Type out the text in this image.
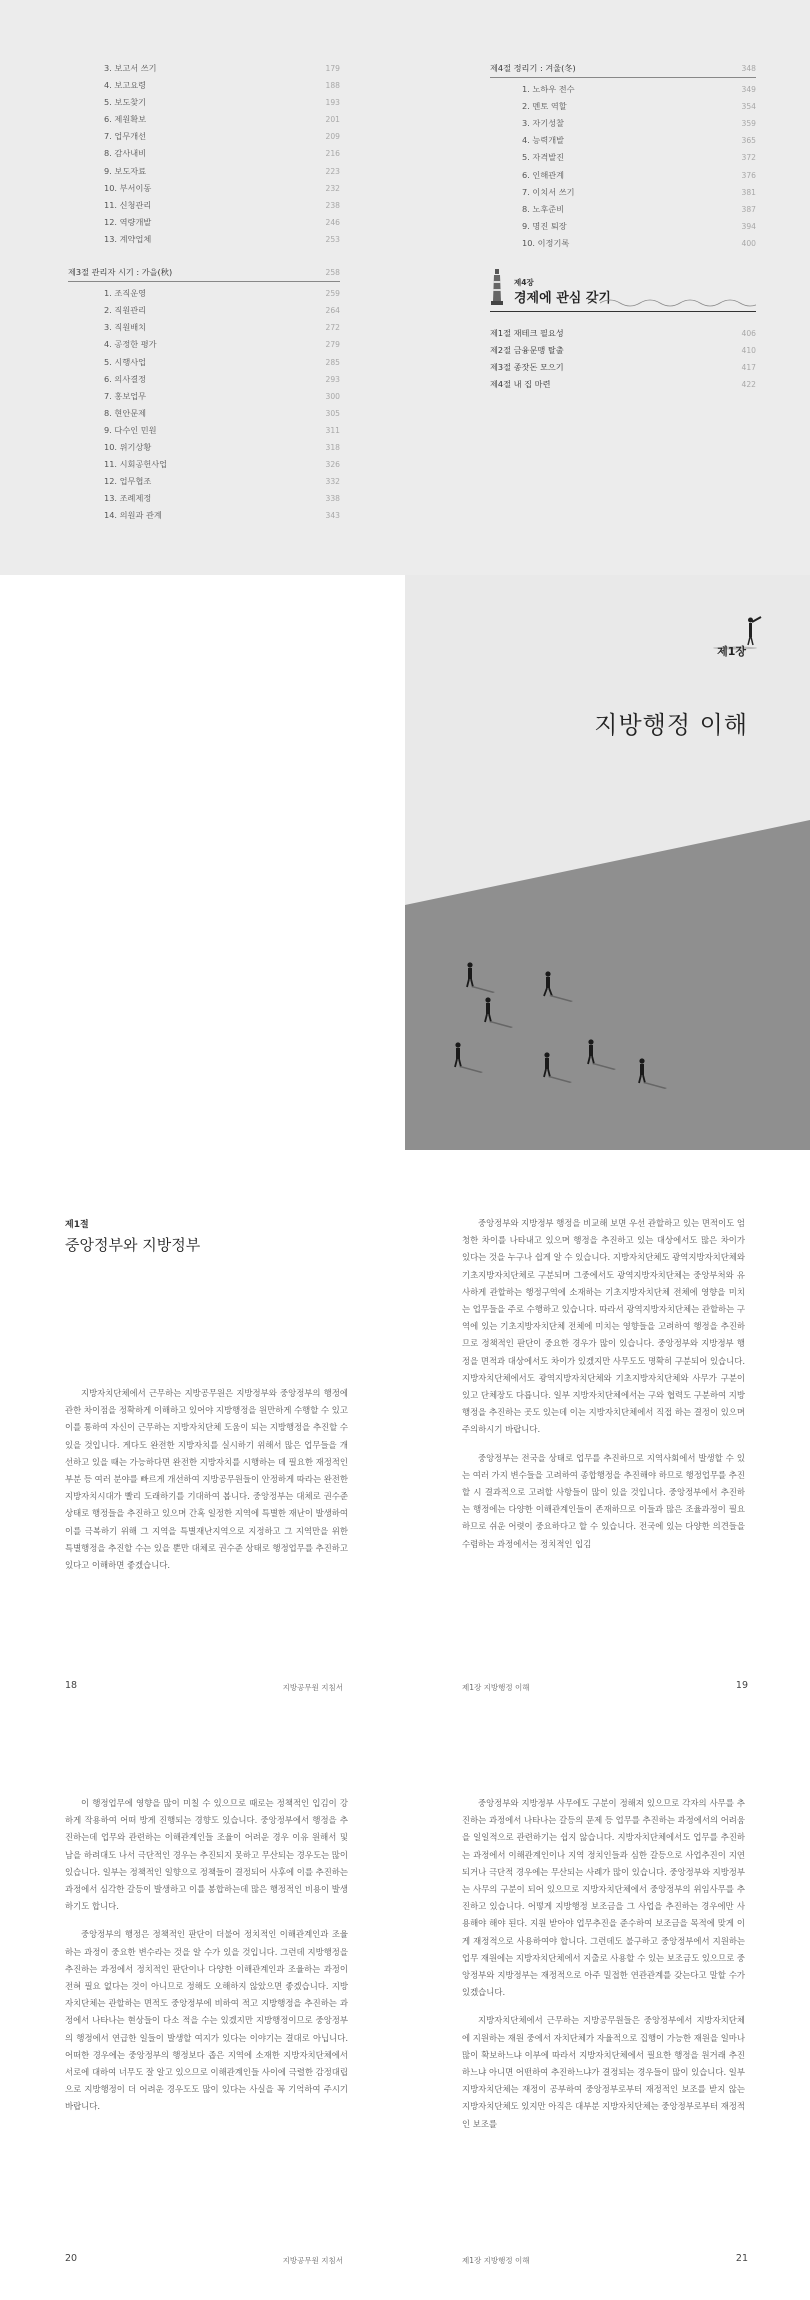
3. 보고서 쓰기	179
4. 보고요령	188
5. 보도찾기	193
6. 제원확보	201
7. 업무개선	209
8. 감사내비	216
9. 보도자료	223
10. 부서이동	232
11. 신청관리	238
12. 역량개발	246
13. 계약업체	253
제3절 관리자 시기 : 가을(秋)	258
1. 조직운영	259
2. 직원관리	264
3. 직원배치	272
4. 공정한 평가	279
5. 시행사업	285
6. 의사결정	293
7. 홍보업무	300
8. 현안문제	305
9. 다수인 민원	311
10. 위기상황	318
11. 시회공헌사업	326
12. 업무협조	332
13. 조례제정	338
14. 의원과 관계	343
제4절 정리기 : 겨울(冬)	348
1. 노하우 전수	349
2. 멘토 역할	354
3. 자기성찰	359
4. 능력개발	365
5. 자격발진	372
6. 인해관계	376
7. 이치서 쓰기	381
8. 노후준비	387
9. 명진 퇴장	394
10. 이정기록	400
제4장
경제에 관심 갖기
제1절 재테크 필요성	406
제2절 금융문맹 탈출	410
제3절 종잣돈 모으기	417
제4절 내 집 마련	422
제1장
지방행정 이해
제1절
중앙정부와 지방정부

지방자치단체에서 근무하는 지방공무원은 지방정부와 중앙정부의 행정에 관한 차이점을 정확하게 이해하고 있어야 지방행정을 원만하게 수행할 수 있고 이를 통하여 자신이 근무하는 지방자치단체 도움이 되는 지방행정을 추진할 수 있을 것입니다. 게다도 완전한 지방자치를 실시하기 위해서 많은 업무들을 개선하고 있을 때는 가능하다면 완전한 지방자치를 시행하는 데 필요한 재정적인 부분 등 여러 분야를 빠르게 개선하여 지방공무원들이 안정하게 따라는 완전한 지방자치시대가 빨리 도래하기를 기대하여 봅니다. 중앙정부는 대체로 권수준 상태로 행정들을 추진하고 있으며 간혹 일정한 지역에 특별한 재난이 발생하여 이를 극복하기 위해 그 지역을 특별재난지역으로 지정하고 그 지역만을 위한 특별행정을 추진할 수는 있을 뿐만 대체로 권수준 상태로 행정업무를 추진하고 있다고 이해하면 좋겠습니다.

18	지방공무원 지침서

중앙정부와 지방정부 행정을 비교해 보면 우선 관할하고 있는 면적이도 엄청한 차이를 나타내고 있으며 행정을 추진하고 있는 대상에서도 많은 차이가 있다는 것을 누구나 쉽게 알 수 있습니다. 지방자치단체도 광역지방자치단체와 기초지방자치단체로 구분되며 그중에서도 광역지방자치단체는 중앙부처와 유사하게 관할하는 행정구역에 소재하는 기초지방자치단체 전체에 영향을 미치는 업무들을 주로 수행하고 있습니다. 따라서 광역지방자치단체는 관할하는 구역에 있는 기초지방자치단체 전체에 미치는 영향들을 고려하여 행정을 추진하므로 정책적인 판단이 중요한 경우가 많이 있습니다. 중앙정부와 지방정부 행정을 면적과 대상에서도 차이가 있겠지만 사무도도 명확히 구분되어 있습니다. 지방자치단체에서도 광역지방자치단체와 기초지방자치단체와 사무가 구분이 있고 단체장도 다릅니다. 일부 지방자치단체에서는 구와 협력도 구분하여 지방행정을 추진하는 곳도 있는데 이는 지방자치단체에서 직접 하는 결정이 있으며 주의하시기 바랍니다.

중앙정부는 전국을 상태로 업무를 추진하므로 지역사회에서 발생할 수 있는 여러 가지 변수들을 고려하여 종합행정을 추진해야 하므로 행정업무를 추진할 시 결과적으로 고려할 사항들이 많이 있을 것입니다. 중앙정부에서 추진하는 행정에는 다양한 이해관계인들이 존재하므로 이들과 많은 조율과정이 필요하므로 쉬운 어렷이 중요하다고 할 수 있습니다. 전국에 있는 다양한 의견들을 수렴하는 과정에서는 정치적인 입김

제1장 지방행정 이해	19

이 행정업무에 영향을 많이 미칠 수 있으므로 때로는 정책적인 입김이 강하게 작용하여 어떠 방게 진행되는 경향도 있습니다. 중앙정부에서 행정을 추진하는데 업무와 관련하는 이해관계인들 조율이 어려운 경우 이유 원해서 및 남을 하려대도 나서 극단적인 경우는 추진되지 못하고 무산되는 경우도는 많이 있습니다. 일부는 정책적인 일향으로 정책들이 결정되어 사후에 이를 추진하는 과정에서 심각한 갈등이 발생하고 이를 봉합하는데 많은 행정적인 비용이 발생하기도 합니다.

중앙정부의 행정은 정책적인 판단이 더불어 정치적인 이해관계인과 조율하는 과정이 중요한 변수라는 것을 알 수가 있을 것입니다. 그런데 지방행정을 추진하는 과정에서 정치적인 판단이나 다양한 이해관계인과 조율하는 과정이 전혀 필요 없다는 것이 아니므로 정해도 오해하지 않았으면 좋겠습니다. 지방자치단체는 관할하는 면적도 중앙정부에 비하여 적고 지방행정을 추진하는 과정에서 나타나는 현상들이 다소 적을 수는 있겠지만 지방행정이므로 중앙정부의 행정에서 연급한 일들이 발생할 여지가 있다는 이야기는 결대로 아닙니다. 어떠한 경우에는 중앙정부의 행정보다 좁은 지역에 소재한 지방자치단체에서 서로에 대하여 너무도 잘 알고 있으므로 이해관계인들 사이에 극렬한 감정대립으로 지방행정이 더 어려운 경우도도 많이 있다는 사실을 꼭 기억하여 주시기 바랍니다.

20	지방공무원 지침서

중앙정부와 지방정부 사무에도 구분이 정해져 있으므로 각자의 사무를 추진하는 과정에서 나타나는 갈등의 문제 등 업무를 추진하는 과정에서의 어려움을 일일적으로 관련하기는 쉽지 않습니다. 지방자치단체에서도 업무를 추진하는 과정에서 이해관계인이나 지역 정치인들과 심한 갈등으로 사업추진이 지연되거나 극단적 경우에는 무산되는 사례가 많이 있습니다. 중앙정부와 지방정부는 사무의 구분이 되어 있으므로 지방자치단체에서 중앙정부의 위임사무를 추진하고 있습니다. 어떻게 지방행정 보조금을 그 사업을 추진하는 경우에만 사용해야 해야 된다. 지원 받아야 업무추진을 준수하여 보조금을 목적에 맞게 이게 재정적으로 사용하여야 합니다. 그런데도 불구하고 중앙정부에서 지원하는 업무 재원에는 지방자치단체에서 지출로 사용할 수 있는 보조금도 있으므로 중앙정부와 지방정부는 재정적으로 아주 밀접한 연관관계를 갖는다고 말할 수가 있겠습니다.

지방자치단체에서 근무하는 지방공무원들은 중앙정부에서 지방자치단체에 지원하는 재원 중에서 자치단체가 자율적으로 집행이 가능한 재원을 일마나 많이 확보하느냐 이부에 따라서 지방자치단체에서 필요한 행정을 원거래 추진하느냐 아니면 어떤하여 추진하느냐가 결정되는 경우들이 많이 있습니다. 일부 지방자치단체는 재정이 공부하여 중앙정부로부터 재정적인 보조를 받지 않는 지방자치단체도 있지만 아직은 대부분 지방자치단체는 중앙정부로부터 재정적인 보조를

제1장 지방행정 이해	21
